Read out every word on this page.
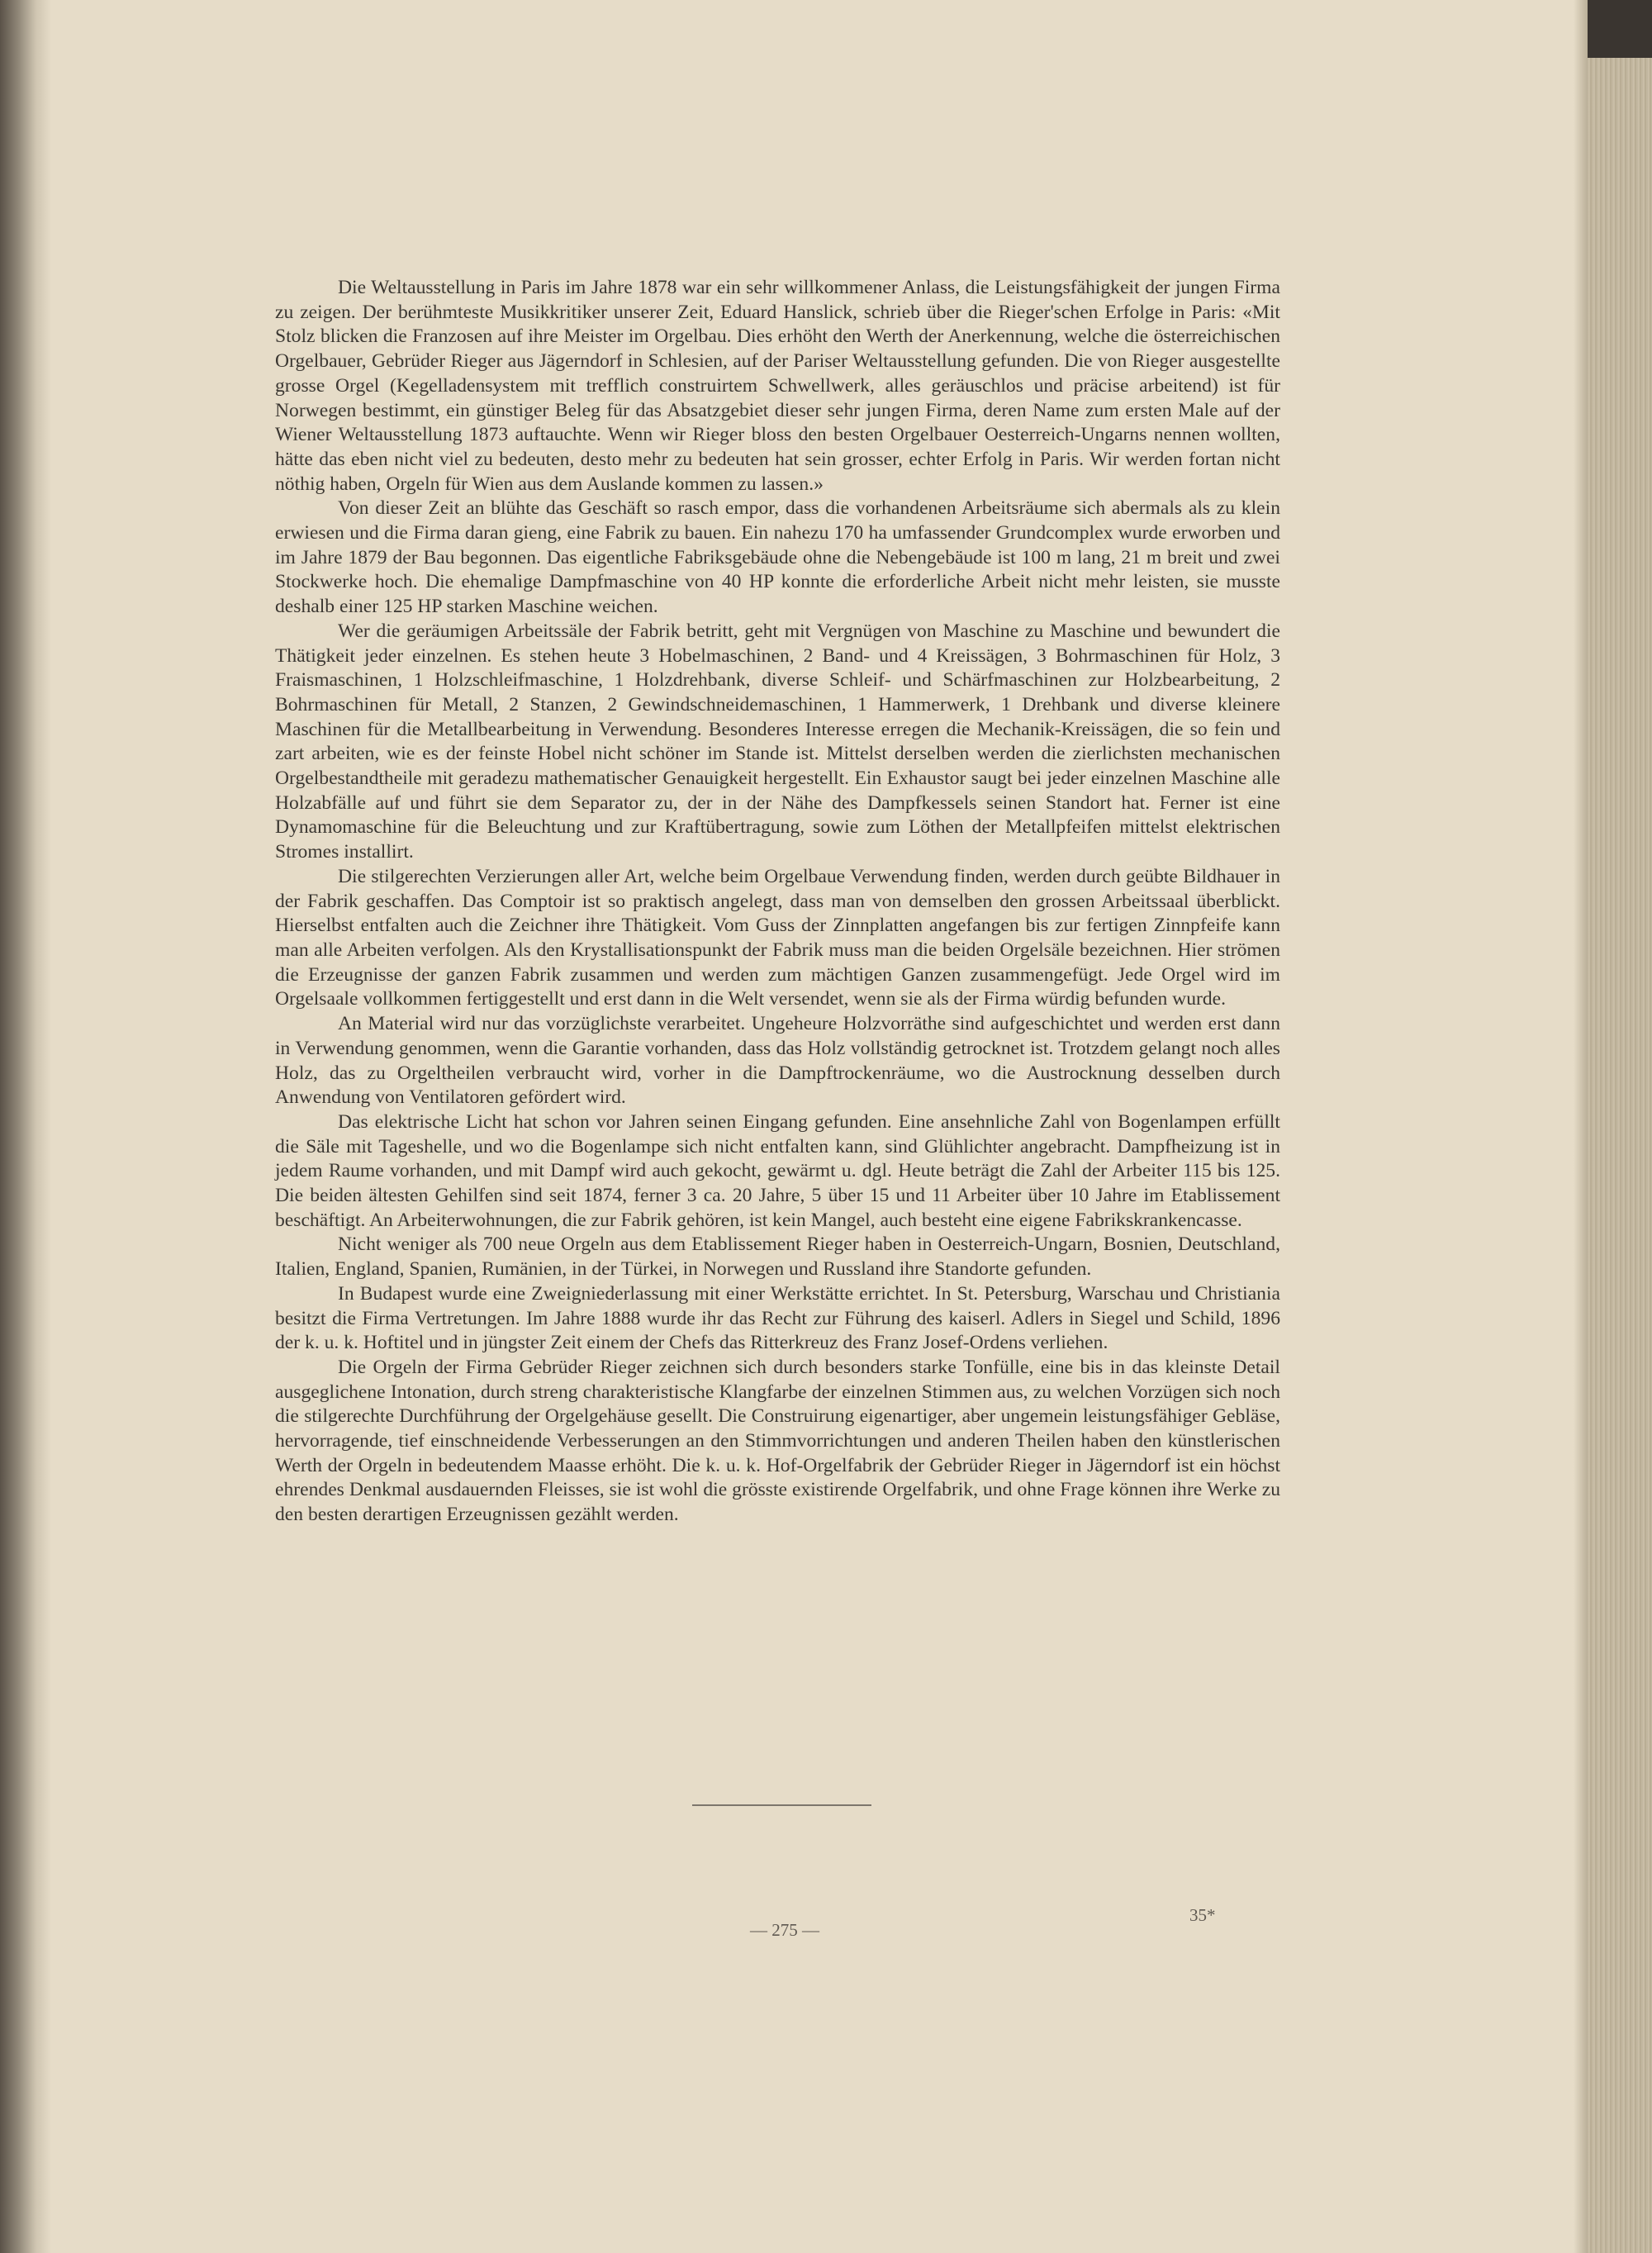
Die Weltausstellung in Paris im Jahre 1878 war ein sehr willkommener Anlass, die Leistungsfähigkeit der jungen Firma zu zeigen. Der berühmteste Musikkritiker unserer Zeit, Eduard Hanslick, schrieb über die Rieger'schen Erfolge in Paris: «Mit Stolz blicken die Franzosen auf ihre Meister im Orgelbau. Dies erhöht den Werth der Anerkennung, welche die österreichischen Orgelbauer, Gebrüder Rieger aus Jägerndorf in Schlesien, auf der Pariser Weltausstellung gefunden. Die von Rieger ausgestellte grosse Orgel (Kegelladensystem mit trefflich construirtem Schwellwerk, alles geräuschlos und präcise arbeitend) ist für Norwegen bestimmt, ein günstiger Beleg für das Absatzgebiet dieser sehr jungen Firma, deren Name zum ersten Male auf der Wiener Weltausstellung 1873 auftauchte. Wenn wir Rieger bloss den besten Orgelbauer Oesterreich-Ungarns nennen wollten, hätte das eben nicht viel zu bedeuten, desto mehr zu bedeuten hat sein grosser, echter Erfolg in Paris. Wir werden fortan nicht nöthig haben, Orgeln für Wien aus dem Auslande kommen zu lassen.»

Von dieser Zeit an blühte das Geschäft so rasch empor, dass die vorhandenen Arbeitsräume sich abermals als zu klein erwiesen und die Firma daran gieng, eine Fabrik zu bauen. Ein nahezu 170 ha umfassender Grundcomplex wurde erworben und im Jahre 1879 der Bau begonnen. Das eigentliche Fabriksgebäude ohne die Nebengebäude ist 100 m lang, 21 m breit und zwei Stockwerke hoch. Die ehemalige Dampfmaschine von 40 HP konnte die erforderliche Arbeit nicht mehr leisten, sie musste deshalb einer 125 HP starken Maschine weichen.

Wer die geräumigen Arbeitssäle der Fabrik betritt, geht mit Vergnügen von Maschine zu Maschine und bewundert die Thätigkeit jeder einzelnen. Es stehen heute 3 Hobelmaschinen, 2 Band- und 4 Kreissägen, 3 Bohrmaschinen für Holz, 3 Fraismaschinen, 1 Holzschleifmaschine, 1 Holzdrehbank, diverse Schleif- und Schärfmaschinen zur Holzbearbeitung, 2 Bohrmaschinen für Metall, 2 Stanzen, 2 Gewindschneidemaschinen, 1 Hammerwerk, 1 Drehbank und diverse kleinere Maschinen für die Metallbearbeitung in Verwendung. Besonderes Interesse erregen die Mechanik-Kreissägen, die so fein und zart arbeiten, wie es der feinste Hobel nicht schöner im Stande ist. Mittelst derselben werden die zierlichsten mechanischen Orgelbestandtheile mit geradezu mathematischer Genauigkeit hergestellt. Ein Exhaustor saugt bei jeder einzelnen Maschine alle Holzabfälle auf und führt sie dem Separator zu, der in der Nähe des Dampfkessels seinen Standort hat. Ferner ist eine Dynamomaschine für die Beleuchtung und zur Kraftübertragung, sowie zum Löthen der Metallpfeifen mittelst elektrischen Stromes installirt.

Die stilgerechten Verzierungen aller Art, welche beim Orgelbaue Verwendung finden, werden durch geübte Bildhauer in der Fabrik geschaffen. Das Comptoir ist so praktisch angelegt, dass man von demselben den grossen Arbeitssaal überblickt. Hierselbst entfalten auch die Zeichner ihre Thätigkeit. Vom Guss der Zinnplatten angefangen bis zur fertigen Zinnpfeife kann man alle Arbeiten verfolgen. Als den Krystallisationspunkt der Fabrik muss man die beiden Orgelsäle bezeichnen. Hier strömen die Erzeugnisse der ganzen Fabrik zusammen und werden zum mächtigen Ganzen zusammengefügt. Jede Orgel wird im Orgelsaale vollkommen fertiggestellt und erst dann in die Welt versendet, wenn sie als der Firma würdig befunden wurde.

An Material wird nur das vorzüglichste verarbeitet. Ungeheure Holzvorräthe sind aufgeschichtet und werden erst dann in Verwendung genommen, wenn die Garantie vorhanden, dass das Holz vollständig getrocknet ist. Trotzdem gelangt noch alles Holz, das zu Orgeltheilen verbraucht wird, vorher in die Dampftrockenräume, wo die Austrocknung desselben durch Anwendung von Ventilatoren gefördert wird.

Das elektrische Licht hat schon vor Jahren seinen Eingang gefunden. Eine ansehnliche Zahl von Bogenlampen erfüllt die Säle mit Tageshelle, und wo die Bogenlampe sich nicht entfalten kann, sind Glühlichter angebracht. Dampfheizung ist in jedem Raume vorhanden, und mit Dampf wird auch gekocht, gewärmt u. dgl. Heute beträgt die Zahl der Arbeiter 115 bis 125. Die beiden ältesten Gehilfen sind seit 1874, ferner 3 ca. 20 Jahre, 5 über 15 und 11 Arbeiter über 10 Jahre im Etablissement beschäftigt. An Arbeiterwohnungen, die zur Fabrik gehören, ist kein Mangel, auch besteht eine eigene Fabrikskrankencasse.

Nicht weniger als 700 neue Orgeln aus dem Etablissement Rieger haben in Oesterreich-Ungarn, Bosnien, Deutschland, Italien, England, Spanien, Rumänien, in der Türkei, in Norwegen und Russland ihre Standorte gefunden.

In Budapest wurde eine Zweigniederlassung mit einer Werkstätte errichtet. In St. Petersburg, Warschau und Christiania besitzt die Firma Vertretungen. Im Jahre 1888 wurde ihr das Recht zur Führung des kaiserl. Adlers in Siegel und Schild, 1896 der k. u. k. Hoftitel und in jüngster Zeit einem der Chefs das Ritterkreuz des Franz Josef-Ordens verliehen.

Die Orgeln der Firma Gebrüder Rieger zeichnen sich durch besonders starke Tonfülle, eine bis in das kleinste Detail ausgeglichene Intonation, durch streng charakteristische Klangfarbe der einzelnen Stimmen aus, zu welchen Vorzügen sich noch die stilgerechte Durchführung der Orgelgehäuse gesellt. Die Construirung eigenartiger, aber ungemein leistungsfähiger Gebläse, hervorragende, tief einschneidende Verbesserungen an den Stimmvorrichtungen und anderen Theilen haben den künstlerischen Werth der Orgeln in bedeutendem Maasse erhöht. Die k. u. k. Hof-Orgelfabrik der Gebrüder Rieger in Jägerndorf ist ein höchst ehrendes Denkmal ausdauernden Fleisses, sie ist wohl die grösste existirende Orgelfabrik, und ohne Frage können ihre Werke zu den besten derartigen Erzeugnissen gezählt werden.

— 275 —
35*
